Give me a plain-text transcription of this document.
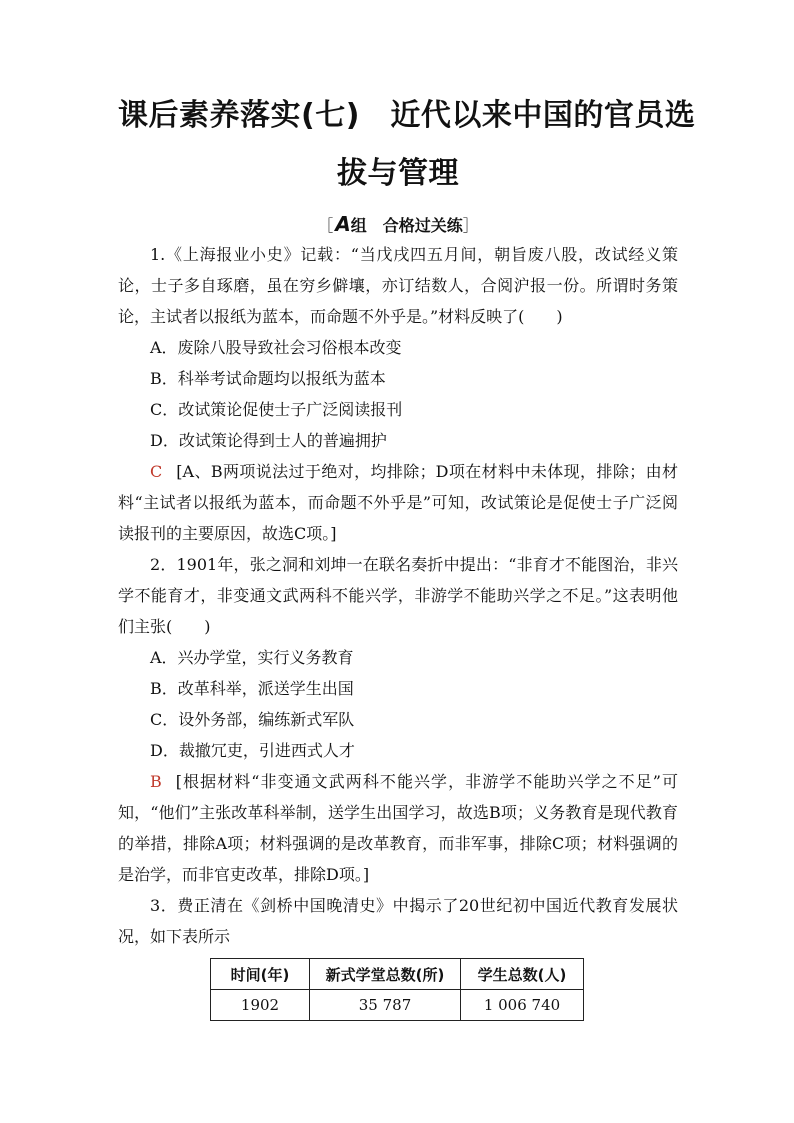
课后素养落实(七)　近代以来中国的官员选
拔与管理
［ A组　合格过关练］

1.《上海报业小史》记载：“当戊戌四五月间，朝旨废八股，改试经义策论，士子多自琢磨，虽在穷乡僻壤，亦订结数人，合阅沪报一份。所谓时务策论，主试者以报纸为蓝本，而命题不外乎是。”材料反映了(　　)

A．废除八股导致社会习俗根本改变

B．科举考试命题均以报纸为蓝本

C．改试策论促使士子广泛阅读报刊

D．改试策论得到士人的普遍拥护

C [A、B两项说法过于绝对，均排除；D项在材料中未体现，排除；由材料“主试者以报纸为蓝本，而命题不外乎是”可知，改试策论是促使士子广泛阅读报刊的主要原因，故选C项。]

2．1901年，张之洞和刘坤一在联名奏折中提出：“非育才不能图治，非兴学不能育才，非变通文武两科不能兴学，非游学不能助兴学之不足。”这表明他们主张(　　)

A．兴办学堂，实行义务教育

B．改革科举，派送学生出国

C．设外务部，编练新式军队

D．裁撤冗吏，引进西式人才

B [根据材料“非变通文武两科不能兴学，非游学不能助兴学之不足”可知，“他们”主张改革科举制，送学生出国学习，故选B项；义务教育是现代教育的举措，排除A项；材料强调的是改革教育，而非军事，排除C项；材料强调的是治学，而非官吏改革，排除D项。]

3．费正清在《剑桥中国晚清史》中揭示了20世纪初中国近代教育发展状况，如下表所示

时间(年)	新式学堂总数(所)	学生总数(人)
1902	35 787	1 006 740
